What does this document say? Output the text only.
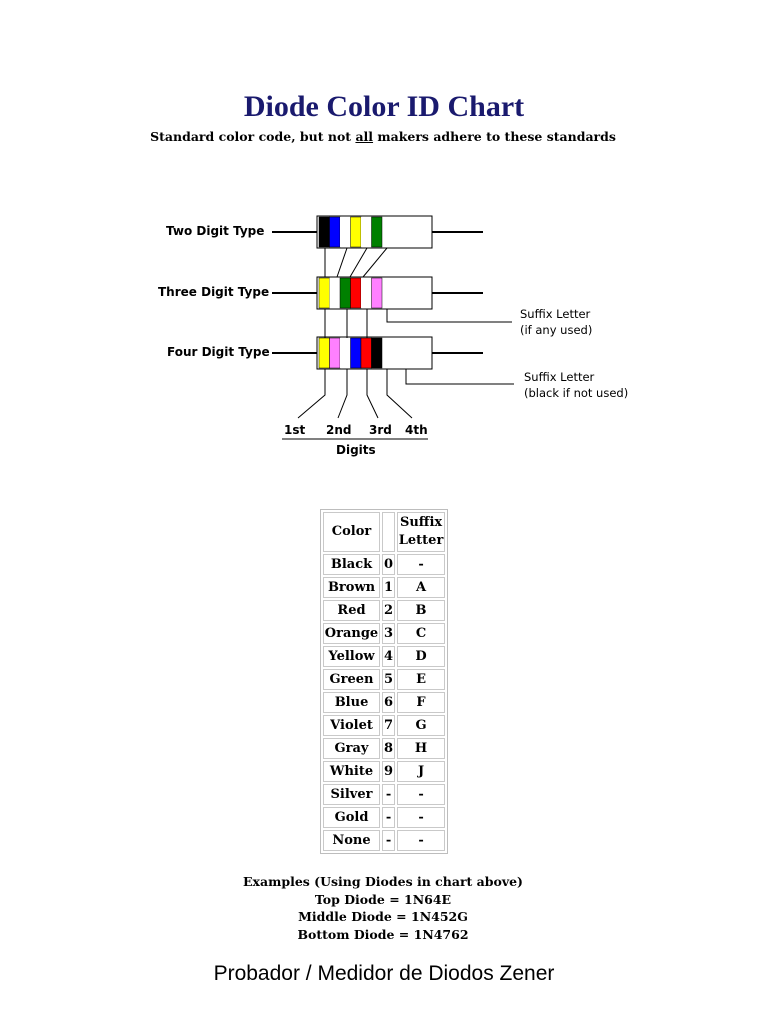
Diode Color ID Chart
Standard color code, but not all makers adhere to these standards
Two Digit Type
Three Digit Type
Four Digit Type
Suffix Letter
(if any used)
Suffix Letter
(black if not used)
1st 2nd 3rd 4th
Digits
Color		Suffix
Letter
Black	0	-
Brown	1	A
Red	2	B
Orange	3	C
Yellow	4	D
Green	5	E
Blue	6	F
Violet	7	G
Gray	8	H
White	9	J
Silver	-	-
Gold	-	-
None	-	-
Examples (Using Diodes in chart above)
Top Diode = 1N64E
Middle Diode = 1N452G
Bottom Diode = 1N4762
Probador / Medidor de Diodos Zener
